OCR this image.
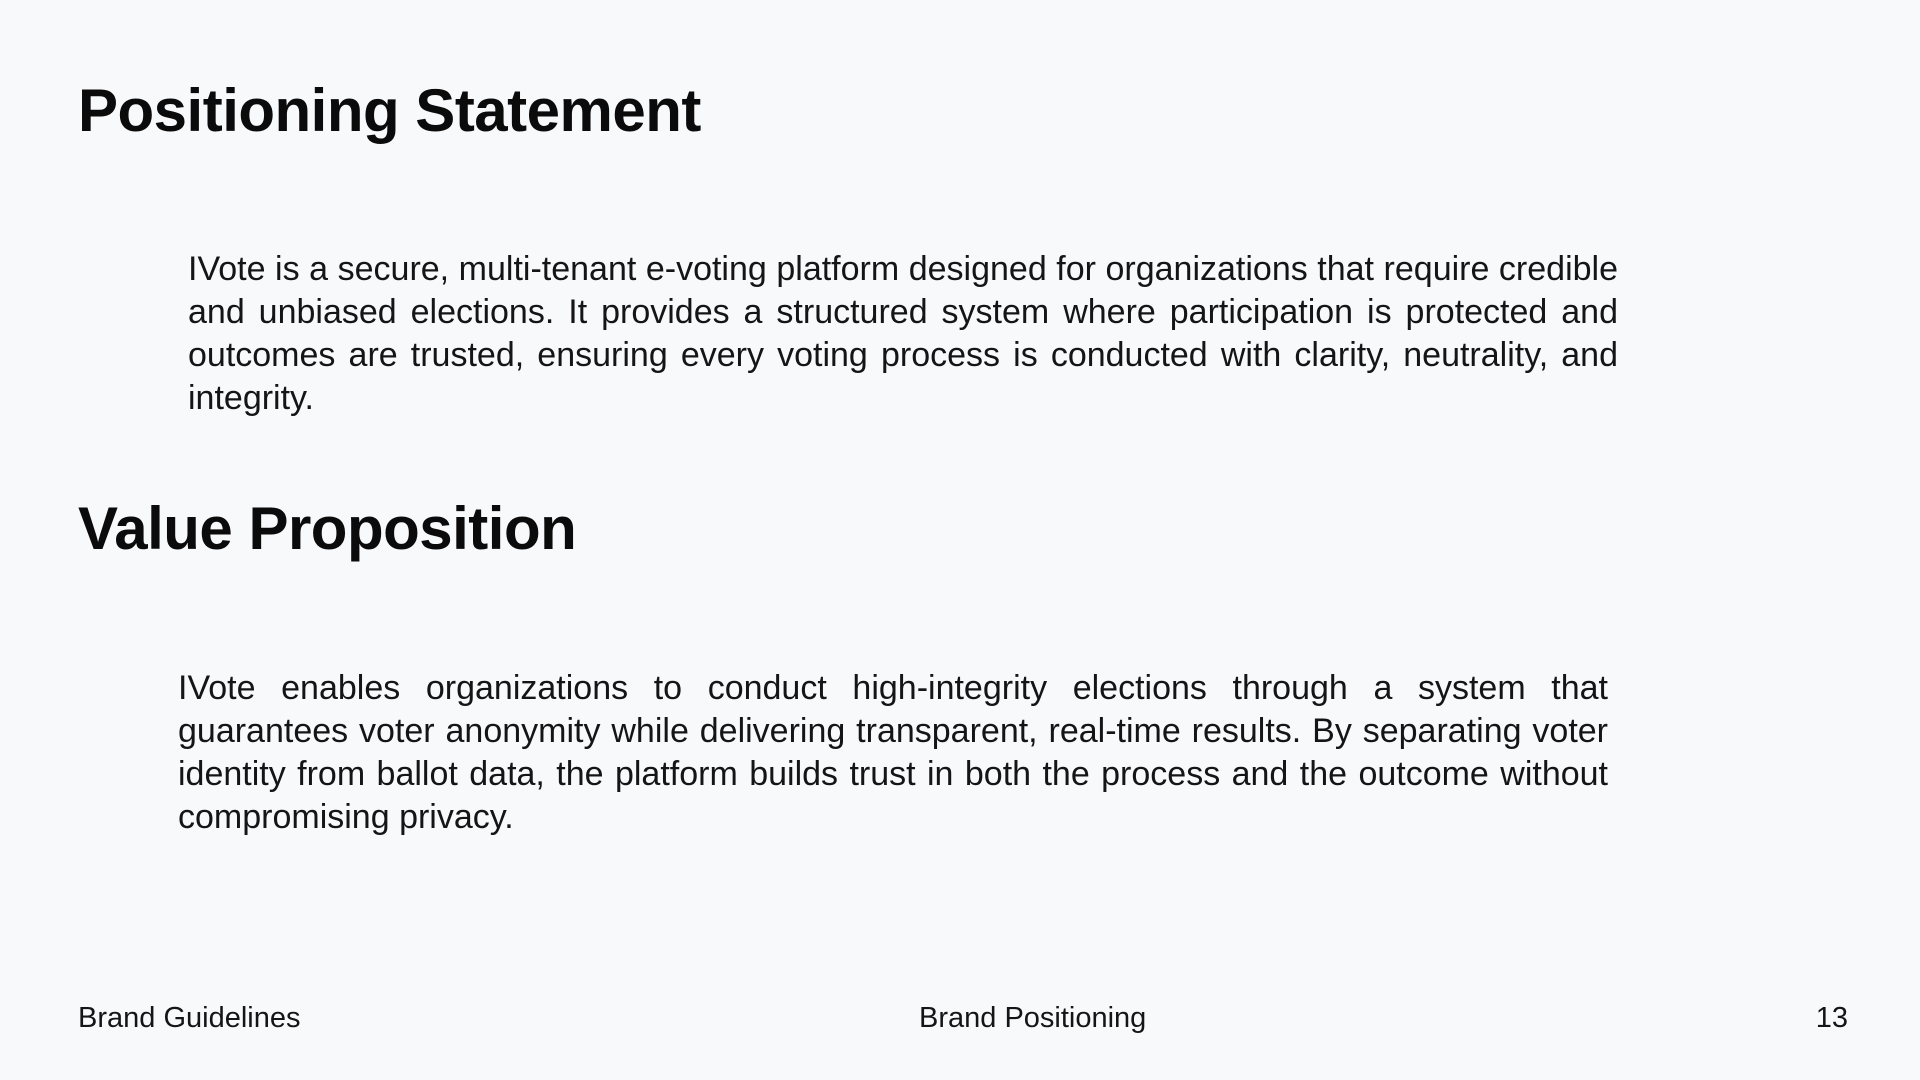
Positioning Statement

IVote is a secure, multi-tenant e-voting platform designed for organizations that require credible and unbiased elections. It provides a structured system where participation is protected and outcomes are trusted, ensuring every voting process is conducted with clarity, neutrality, and integrity.

Value Proposition

IVote enables organizations to conduct high-integrity elections through a system that guarantees voter anonymity while delivering transparent, real-time results. By separating voter identity from ballot data, the platform builds trust in both the process and the outcome without compromising privacy.

Brand Guidelines	Brand Positioning	13
